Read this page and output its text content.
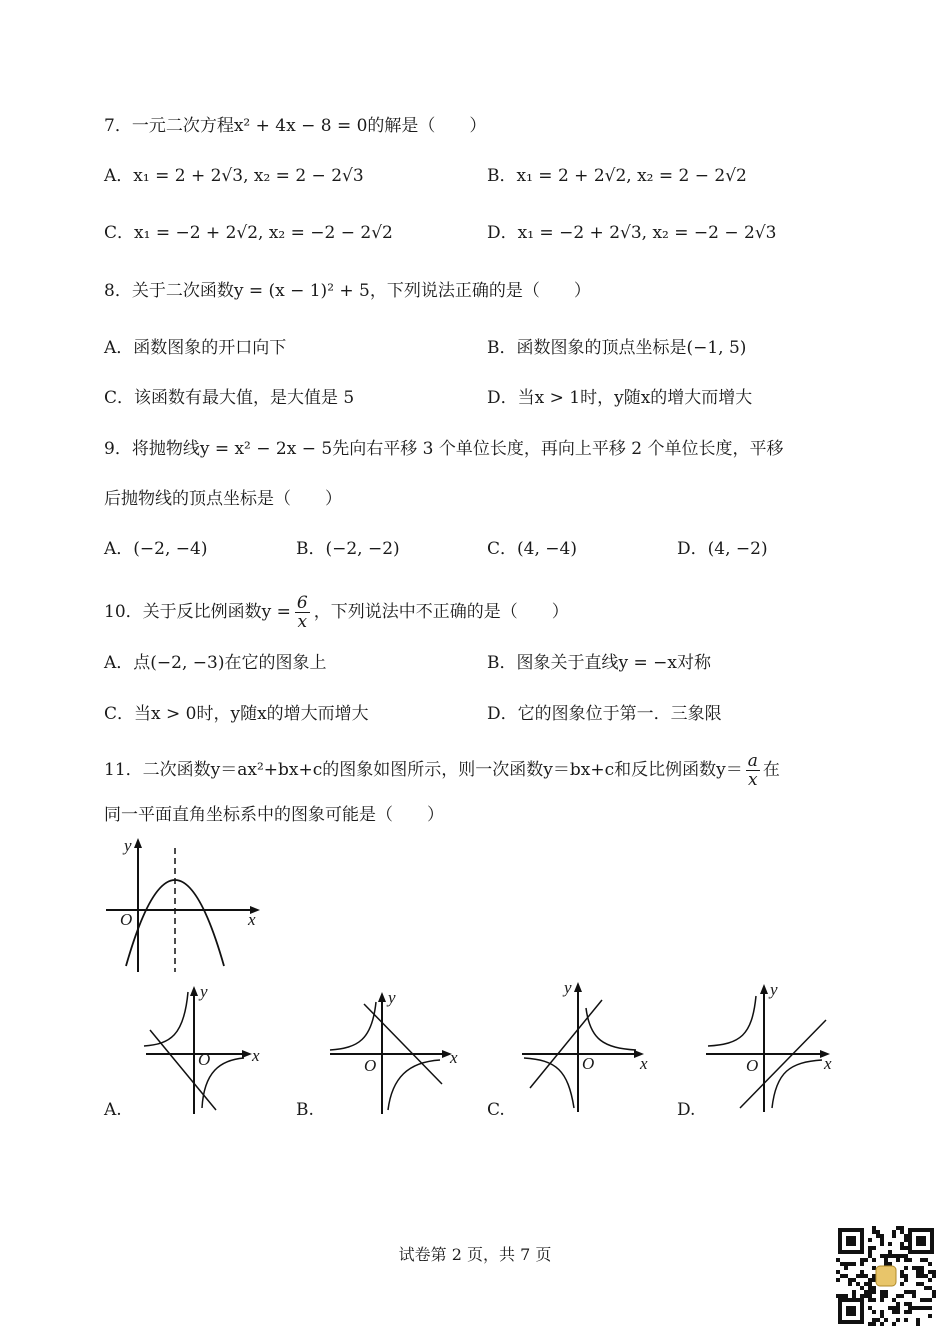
7．一元二次方程x² + 4x − 8 = 0的解是（　　）
A．x₁ = 2 + 2√3, x₂ = 2 − 2√3	B．x₁ = 2 + 2√2, x₂ = 2 − 2√2
C．x₁ = −2 + 2√2, x₂ = −2 − 2√2	D．x₁ = −2 + 2√3, x₂ = −2 − 2√3
8．关于二次函数y = (x − 1)² + 5，下列说法正确的是（　　）
A．函数图象的开口向下	B．函数图象的顶点坐标是(−1, 5)
C．该函数有最大值，是大值是 5	D．当x > 1时，y随x的增大而增大
9．将抛物线y = x² − 2x − 5先向右平移 3 个单位长度，再向上平移 2 个单位长度，平移
后抛物线的顶点坐标是（　　）
A．(−2, −4)	B．(−2, −2)	C．(4, −4)	D．(4, −2)
10．关于反比例函数$y = \frac{6}{x}$ ，下列说法中不正确的是（　　）
A．点(−2, −3)在它的图象上	B．图象关于直线y = −x对称
C．当x > 0时，y随x的增大而增大	D．它的图象位于第一．三象限
11．二次函数y＝ax²+bx+c的图象如图所示，则一次函数y＝bx+c和反比例函数$y= \frac{a}{x}$ 在
同一平面直角坐标系中的图象可能是（　　）
y
x
O
y
x
O
A.
y
x
O
B.
y
x
O
C.
y
x
O
D.
试卷第 2 页，共 7 页
